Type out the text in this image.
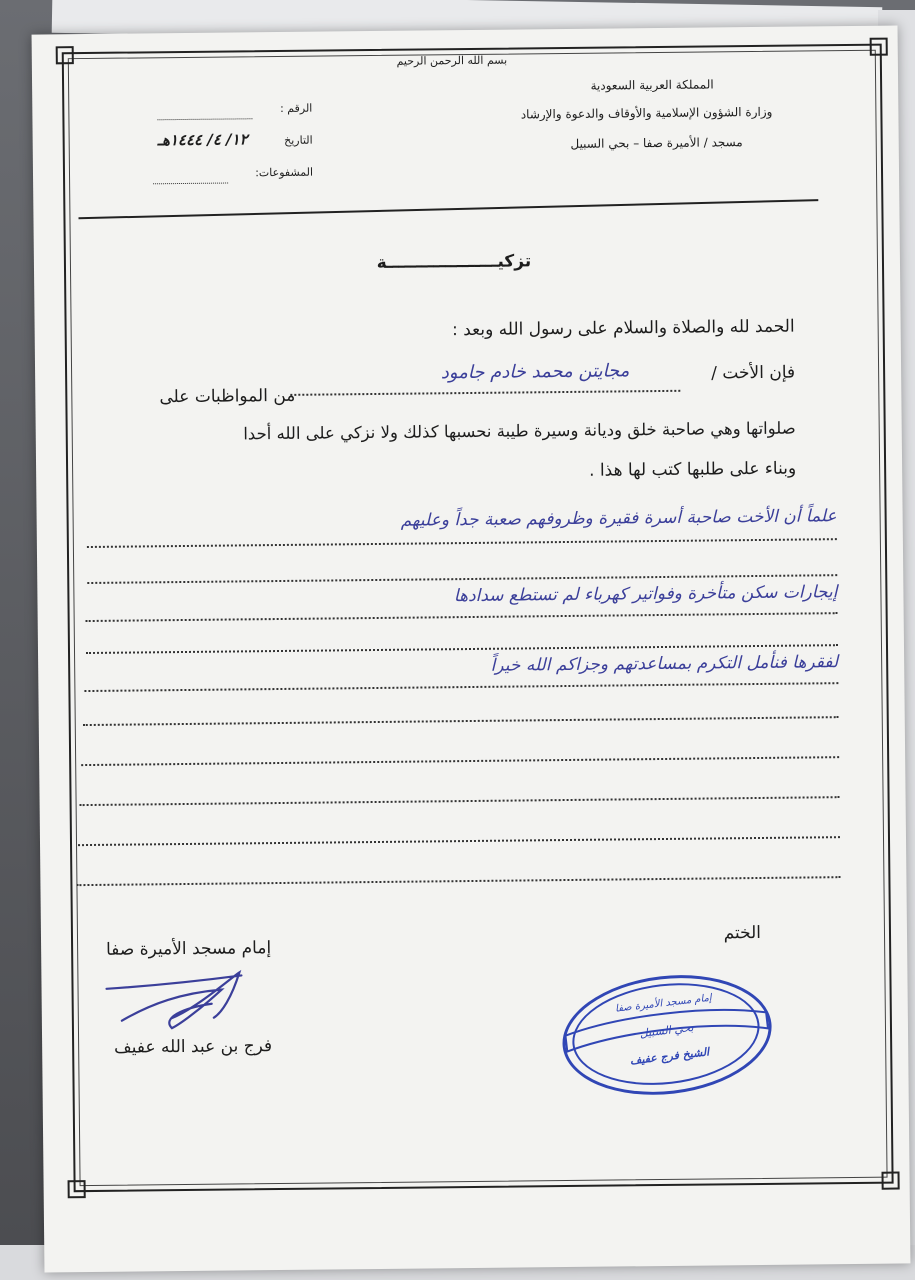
بسم الله الرحمن الرحيم
المملكة العربية السعودية
وزارة الشؤون الإسلامية والأوقاف والدعوة والإرشاد
مسجد / الأميرة صفا – بحي السبيل
الرقم :
التاريخ
١٢/ ٤/ ١٤٤٤هـ
المشفوعات:
تزكيـــــــــــــــــــة
الحمد لله والصلاة والسلام على رسول الله وبعد :
فإن الأخت /
مجايتن محمد خادم جامود
من المواظبات على
صلواتها وهي صاحبة خلق وديانة وسيرة طيبة نحسبها كذلك ولا نزكي على الله أحدا
وبناء على طلبها كتب لها هذا .
علماً أن الأخت صاحبة أسرة فقيرة وظروفهم صعبة جداً وعليهم
إيجارات سكن متأخرة وفواتير كهرباء لم تستطع سدادها
لفقرها فنأمل التكرم بمساعدتهم وجزاكم الله خيراً
الختم
إمام مسجد الأميرة صفا
فرج بن عبد الله عفيف
إمام مسجد الأميرة صفا
بحي السبيل
الشيخ فرج عفيف
